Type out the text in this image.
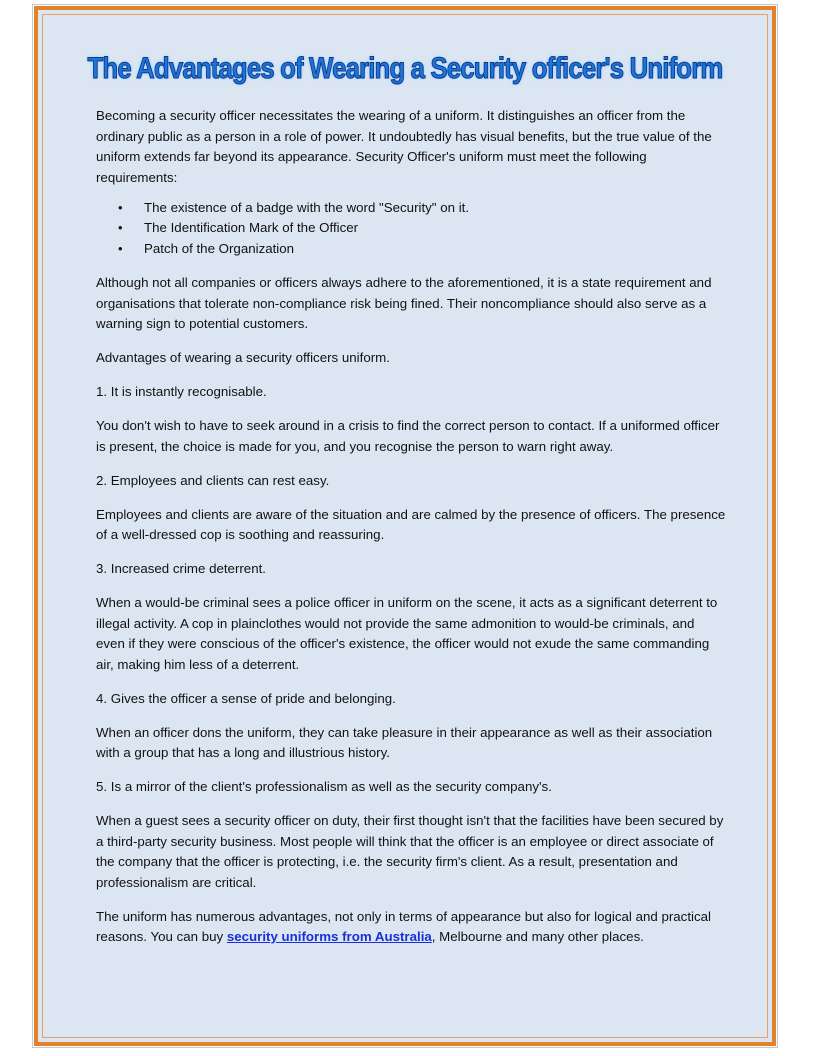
The Advantages of Wearing a Security officer's Uniform

Becoming a security officer necessitates the wearing of a uniform. It distinguishes an officer from the ordinary public as a person in a role of power. It undoubtedly has visual benefits, but the true value of the uniform extends far beyond its appearance. Security Officer's uniform must meet the following requirements:

• The existence of a badge with the word "Security" on it.
• The Identification Mark of the Officer
• Patch of the Organization

Although not all companies or officers always adhere to the aforementioned, it is a state requirement and organisations that tolerate non-compliance risk being fined. Their noncompliance should also serve as a warning sign to potential customers.

Advantages of wearing a security officers uniform.

1. It is instantly recognisable.

You don't wish to have to seek around in a crisis to find the correct person to contact. If a uniformed officer is present, the choice is made for you, and you recognise the person to warn right away.

2. Employees and clients can rest easy.

Employees and clients are aware of the situation and are calmed by the presence of officers. The presence of a well-dressed cop is soothing and reassuring.

3. Increased crime deterrent.

When a would-be criminal sees a police officer in uniform on the scene, it acts as a significant deterrent to illegal activity. A cop in plainclothes would not provide the same admonition to would-be criminals, and even if they were conscious of the officer's existence, the officer would not exude the same commanding air, making him less of a deterrent.

4. Gives the officer a sense of pride and belonging.

When an officer dons the uniform, they can take pleasure in their appearance as well as their association with a group that has a long and illustrious history.

5. Is a mirror of the client's professionalism as well as the security company's.

When a guest sees a security officer on duty, their first thought isn't that the facilities have been secured by a third-party security business. Most people will think that the officer is an employee or direct associate of the company that the officer is protecting, i.e. the security firm's client. As a result, presentation and professionalism are critical.

The uniform has numerous advantages, not only in terms of appearance but also for logical and practical reasons. You can buy security uniforms from Australia, Melbourne and many other places.
